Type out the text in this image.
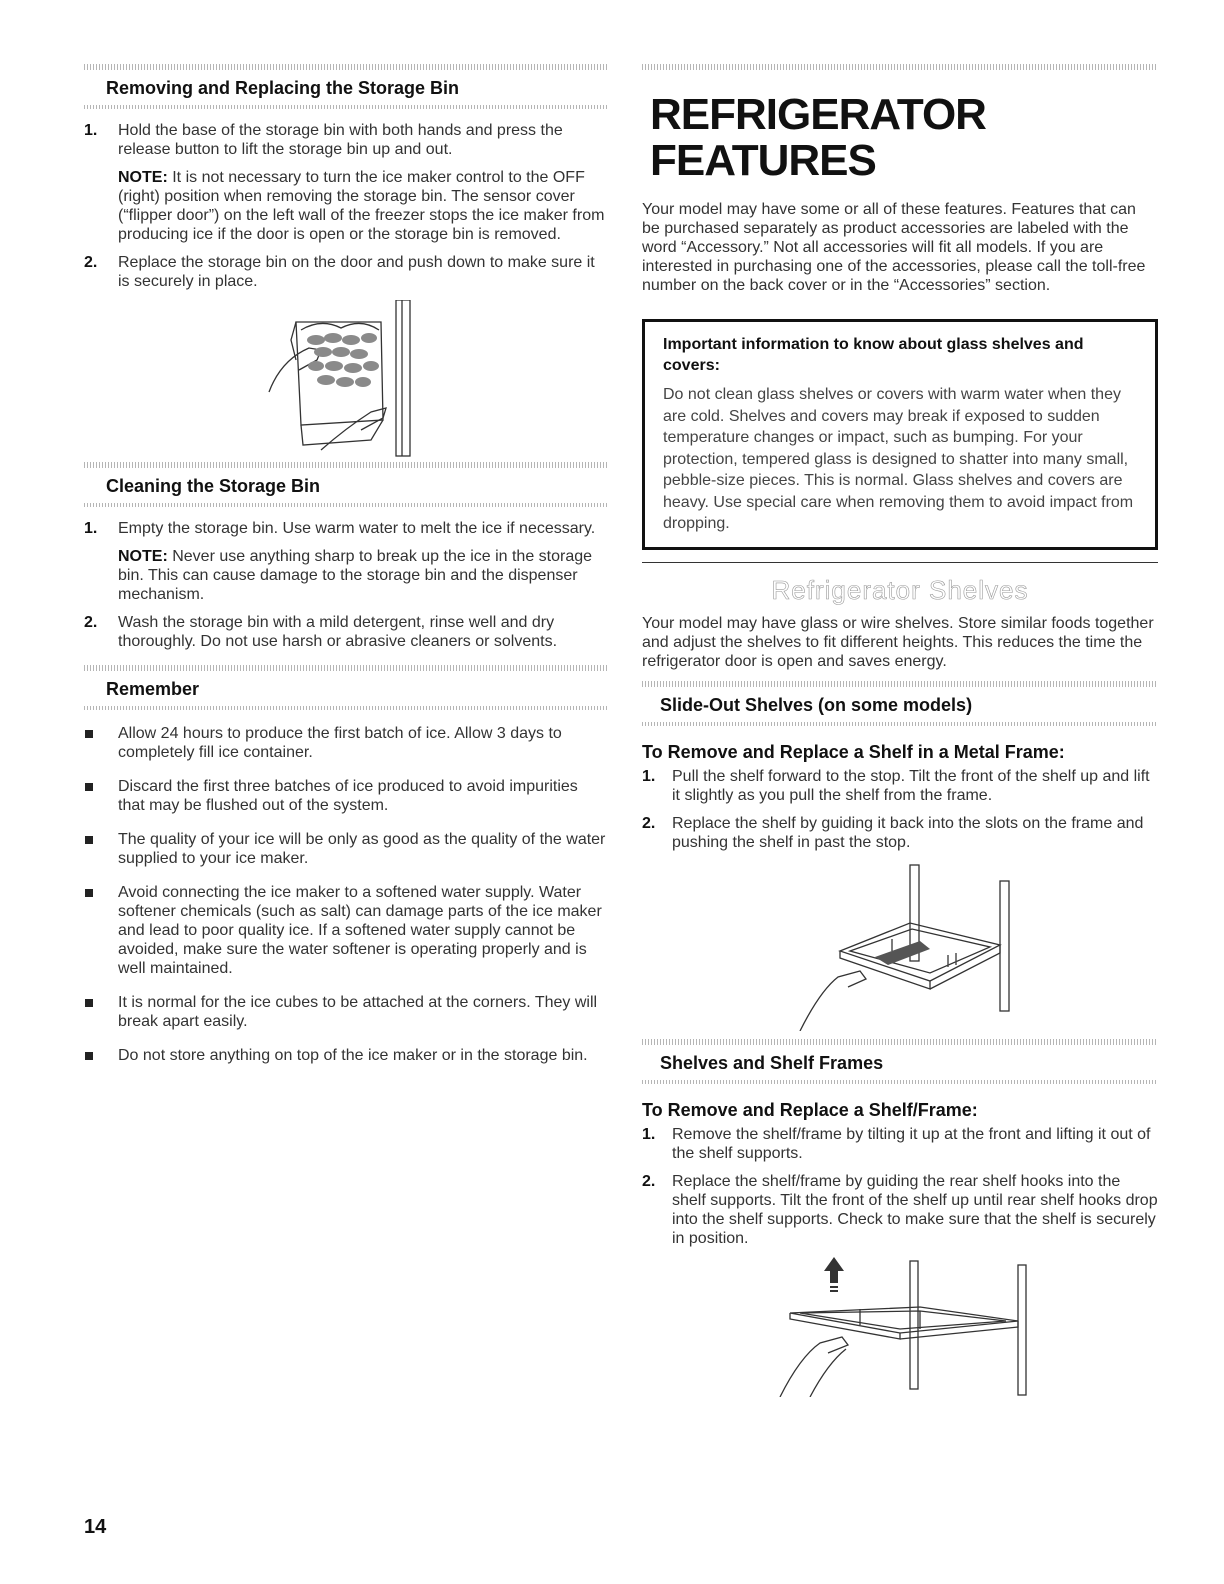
Removing and Replacing the Storage Bin
1. Hold the base of the storage bin with both hands and press the release button to lift the storage bin up and out.
NOTE: It is not necessary to turn the ice maker control to the OFF (right) position when removing the storage bin. The sensor cover (“flipper door”) on the left wall of the freezer stops the ice maker from producing ice if the door is open or the storage bin is removed.
2. Replace the storage bin on the door and push down to make sure it is securely in place.
Cleaning the Storage Bin
1. Empty the storage bin. Use warm water to melt the ice if necessary.
NOTE: Never use anything sharp to break up the ice in the storage bin. This can cause damage to the storage bin and the dispenser mechanism.
2. Wash the storage bin with a mild detergent, rinse well and dry thoroughly. Do not use harsh or abrasive cleaners or solvents.
Remember
Allow 24 hours to produce the first batch of ice. Allow 3 days to completely fill ice container.
Discard the first three batches of ice produced to avoid impurities that may be flushed out of the system.
The quality of your ice will be only as good as the quality of the water supplied to your ice maker.
Avoid connecting the ice maker to a softened water supply. Water softener chemicals (such as salt) can damage parts of the ice maker and lead to poor quality ice. If a softened water supply cannot be avoided, make sure the water softener is operating properly and is well maintained.
It is normal for the ice cubes to be attached at the corners. They will break apart easily.
Do not store anything on top of the ice maker or in the storage bin.
REFRIGERATOR FEATURES
Your model may have some or all of these features. Features that can be purchased separately as product accessories are labeled with the word “Accessory.” Not all accessories will fit all models. If you are interested in purchasing one of the accessories, please call the toll-free number on the back cover or in the “Accessories” section.
Important information to know about glass shelves and covers:
Do not clean glass shelves or covers with warm water when they are cold. Shelves and covers may break if exposed to sudden temperature changes or impact, such as bumping. For your protection, tempered glass is designed to shatter into many small, pebble-size pieces. This is normal. Glass shelves and covers are heavy. Use special care when removing them to avoid impact from dropping.
Refrigerator Shelves
Your model may have glass or wire shelves. Store similar foods together and adjust the shelves to fit different heights. This reduces the time the refrigerator door is open and saves energy.
Slide-Out Shelves (on some models)
To Remove and Replace a Shelf in a Metal Frame:
1. Pull the shelf forward to the stop. Tilt the front of the shelf up and lift it slightly as you pull the shelf from the frame.
2. Replace the shelf by guiding it back into the slots on the frame and pushing the shelf in past the stop.
Shelves and Shelf Frames
To Remove and Replace a Shelf/Frame:
1. Remove the shelf/frame by tilting it up at the front and lifting it out of the shelf supports.
2. Replace the shelf/frame by guiding the rear shelf hooks into the shelf supports. Tilt the front of the shelf up until rear shelf hooks drop into the shelf supports. Check to make sure that the shelf is securely in position.
14
